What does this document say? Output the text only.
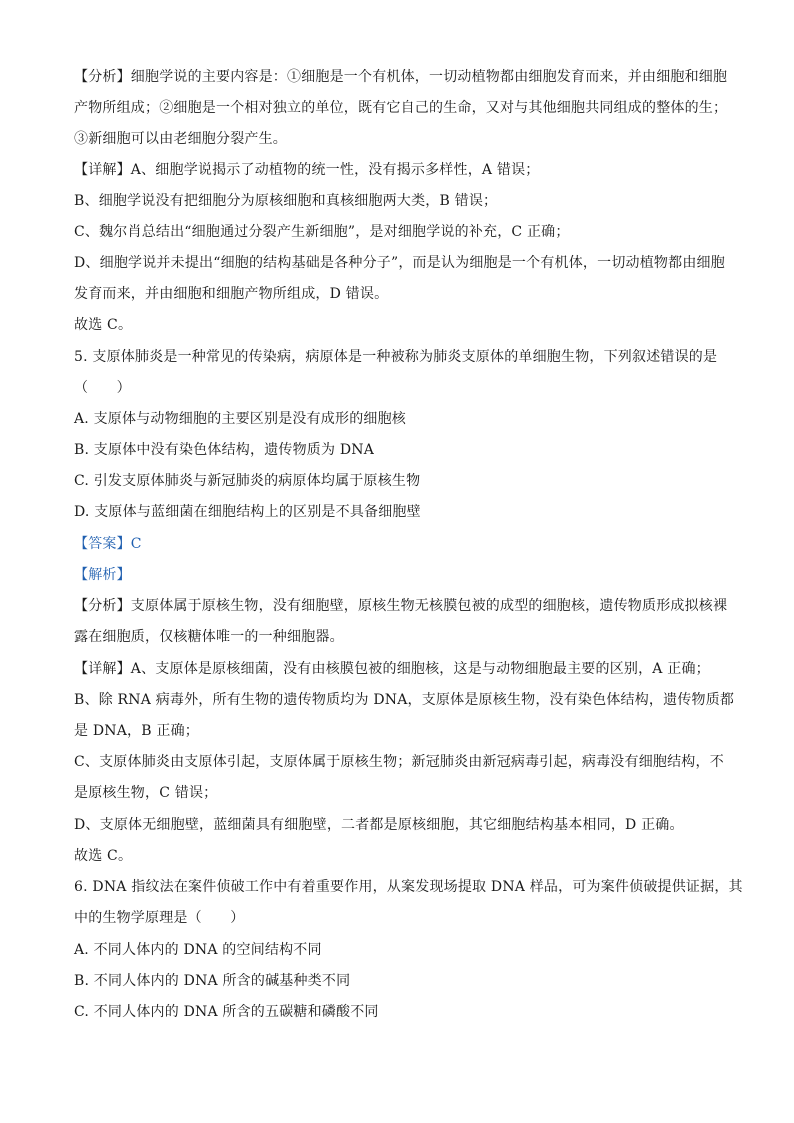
【分析】细胞学说的主要内容是：①细胞是一个有机体，一切动植物都由细胞发育而来，并由细胞和细胞
产物所组成；②细胞是一个相对独立的单位，既有它自己的生命，又对与其他细胞共同组成的整体的生；
③新细胞可以由老细胞分裂产生。
【详解】A、细胞学说揭示了动植物的统一性，没有揭示多样性，A 错误；
B、细胞学说没有把细胞分为原核细胞和真核细胞两大类，B 错误；
C、魏尔肖总结出“细胞通过分裂产生新细胞”，是对细胞学说的补充，C 正确；
D、细胞学说并未提出“细胞的结构基础是各种分子”，而是认为细胞是一个有机体，一切动植物都由细胞
发育而来，并由细胞和细胞产物所组成，D 错误。
故选 C。
5. 支原体肺炎是一种常见的传染病，病原体是一种被称为肺炎支原体的单细胞生物，下列叙述错误的是
（　　）
A. 支原体与动物细胞的主要区别是没有成形的细胞核
B. 支原体中没有染色体结构，遗传物质为 DNA
C. 引发支原体肺炎与新冠肺炎的病原体均属于原核生物
D. 支原体与蓝细菌在细胞结构上的区别是不具备细胞壁
【答案】C
【解析】
【分析】支原体属于原核生物，没有细胞壁，原核生物无核膜包被的成型的细胞核，遗传物质形成拟核裸
露在细胞质，仅核糖体唯一的一种细胞器。
【详解】A、支原体是原核细菌，没有由核膜包被的细胞核，这是与动物细胞最主要的区别，A 正确；
B、除 RNA 病毒外，所有生物的遗传物质均为 DNA，支原体是原核生物，没有染色体结构，遗传物质都
是 DNA，B 正确；
C、支原体肺炎由支原体引起，支原体属于原核生物；新冠肺炎由新冠病毒引起，病毒没有细胞结构，不
是原核生物，C 错误；
D、支原体无细胞壁，蓝细菌具有细胞壁，二者都是原核细胞，其它细胞结构基本相同，D 正确。
故选 C。
6. DNA 指纹法在案件侦破工作中有着重要作用，从案发现场提取 DNA 样品，可为案件侦破提供证据，其
中的生物学原理是（　　）
A. 不同人体内的 DNA 的空间结构不同
B. 不同人体内的 DNA 所含的碱基种类不同
C. 不同人体内的 DNA 所含的五碳糖和磷酸不同
